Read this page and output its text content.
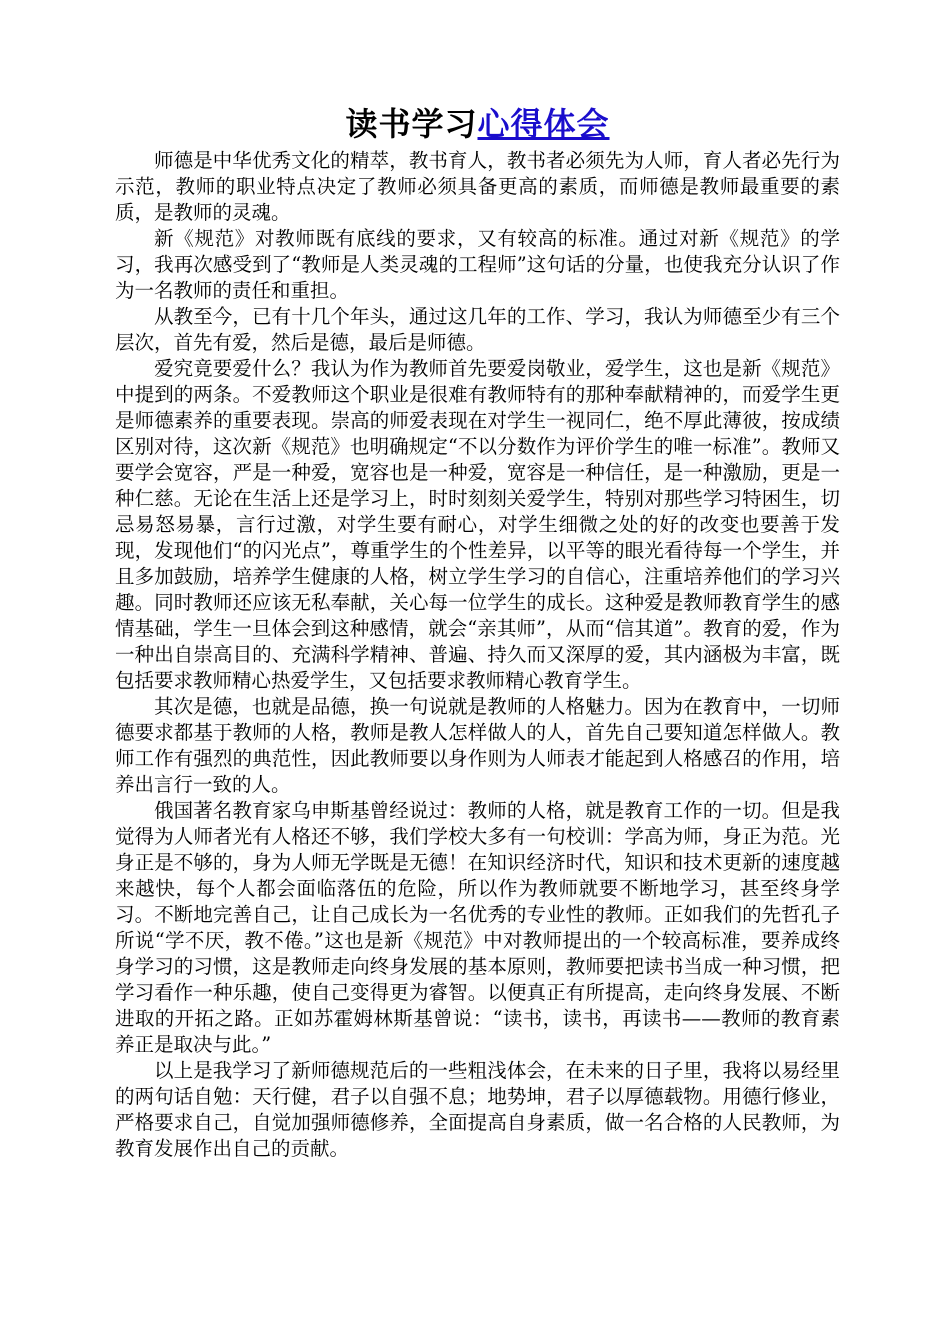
读书学习心得体会

师德是中华优秀文化的精萃，教书育人，教书者必须先为人师，育人者必先行为示范，教师的职业特点决定了教师必须具备更高的素质，而师德是教师最重要的素质，是教师的灵魂。

新《规范》对教师既有底线的要求，又有较高的标准。通过对新《规范》的学习，我再次感受到了“教师是人类灵魂的工程师”这句话的分量，也使我充分认识了作为一名教师的责任和重担。

从教至今，已有十几个年头，通过这几年的工作、学习，我认为师德至少有三个层次，首先有爱，然后是德，最后是师德。

爱究竟要爱什么？我认为作为教师首先要爱岗敬业，爱学生，这也是新《规范》中提到的两条。不爱教师这个职业是很难有教师特有的那种奉献精神的，而爱学生更是师德素养的重要表现。崇高的师爱表现在对学生一视同仁，绝不厚此薄彼，按成绩区别对待，这次新《规范》也明确规定“不以分数作为评价学生的唯一标准”。教师又要学会宽容，严是一种爱，宽容也是一种爱，宽容是一种信任，是一种激励，更是一种仁慈。无论在生活上还是学习上，时时刻刻关爱学生，特别对那些学习特困生，切忌易怒易暴，言行过激，对学生要有耐心，对学生细微之处的好的改变也要善于发现，发现他们“的闪光点”，尊重学生的个性差异，以平等的眼光看待每一个学生，并且多加鼓励，培养学生健康的人格，树立学生学习的自信心，注重培养他们的学习兴趣。同时教师还应该无私奉献，关心每一位学生的成长。这种爱是教师教育学生的感情基础，学生一旦体会到这种感情，就会“亲其师”，从而“信其道”。教育的爱，作为一种出自崇高目的、充满科学精神、普遍、持久而又深厚的爱，其内涵极为丰富，既包括要求教师精心热爱学生，又包括要求教师精心教育学生。

其次是德，也就是品德，换一句说就是教师的人格魅力。因为在教育中，一切师德要求都基于教师的人格，教师是教人怎样做人的人，首先自己要知道怎样做人。教师工作有强烈的典范性，因此教师要以身作则为人师表才能起到人格感召的作用，培养出言行一致的人。

俄国著名教育家乌申斯基曾经说过：教师的人格，就是教育工作的一切。但是我觉得为人师者光有人格还不够，我们学校大多有一句校训：学高为师，身正为范。光身正是不够的，身为人师无学既是无德！在知识经济时代，知识和技术更新的速度越来越快，每个人都会面临落伍的危险，所以作为教师就要不断地学习，甚至终身学习。不断地完善自己，让自己成长为一名优秀的专业性的教师。正如我们的先哲孔子所说“学不厌，教不倦。”这也是新《规范》中对教师提出的一个较高标准，要养成终身学习的习惯，这是教师走向终身发展的基本原则，教师要把读书当成一种习惯，把学习看作一种乐趣，使自己变得更为睿智。以便真正有所提高，走向终身发展、不断进取的开拓之路。正如苏霍姆林斯基曾说：“读书，读书，再读书——教师的教育素养正是取决与此。”

以上是我学习了新师德规范后的一些粗浅体会，在未来的日子里，我将以易经里的两句话自勉：天行健，君子以自强不息；地势坤，君子以厚德载物。用德行修业，严格要求自己，自觉加强师德修养，全面提高自身素质，做一名合格的人民教师，为教育发展作出自己的贡献。
